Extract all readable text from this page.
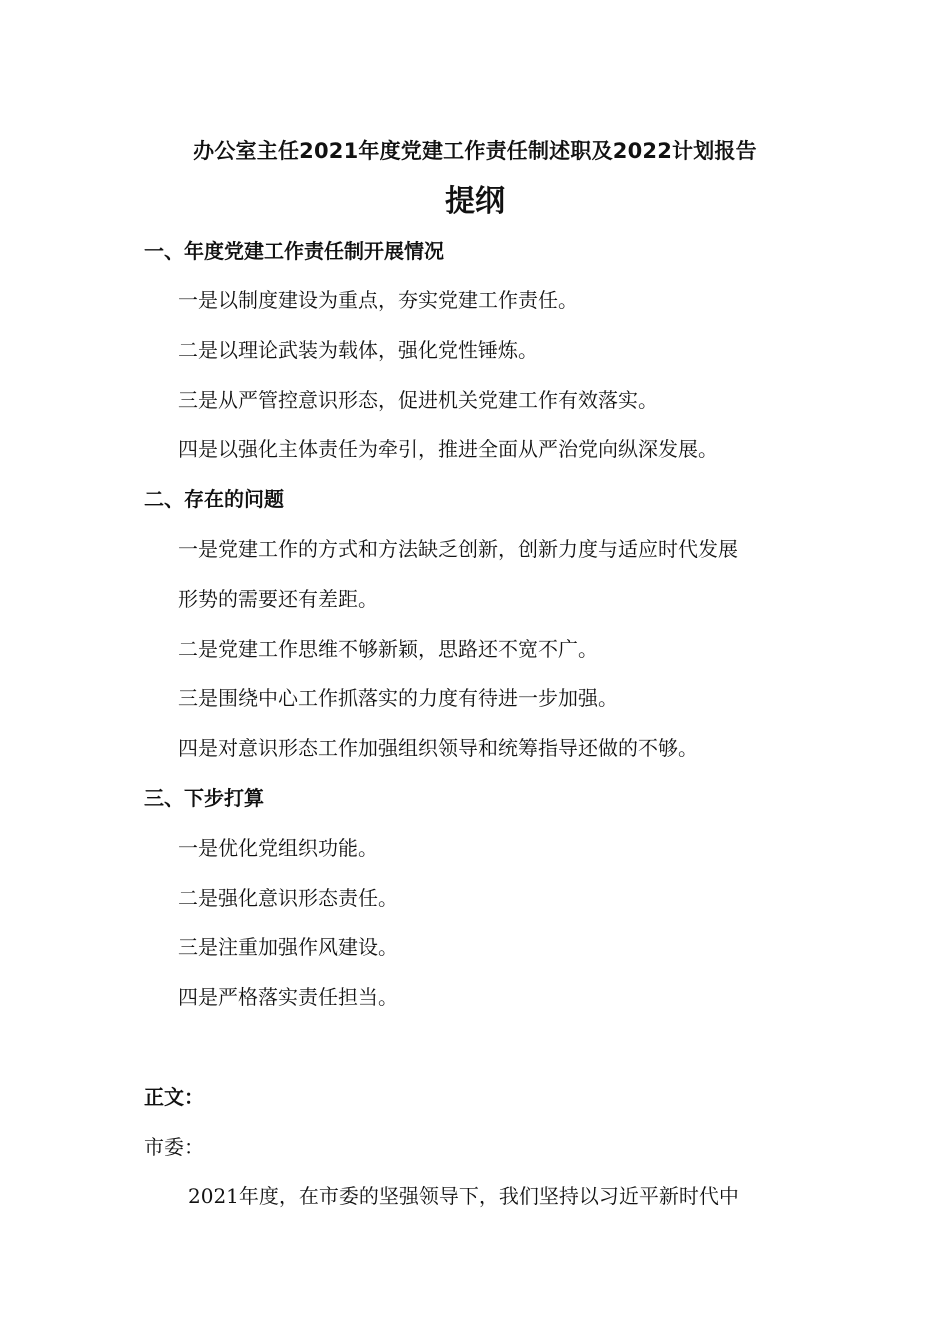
办公室主任2021年度党建工作责任制述职及2022计划报告
提纲
一、年度党建工作责任制开展情况
一是以制度建设为重点，夯实党建工作责任。
二是以理论武装为载体，强化党性锤炼。
三是从严管控意识形态，促进机关党建工作有效落实。
四是以强化主体责任为牵引，推进全面从严治党向纵深发展。
二、存在的问题
一是党建工作的方式和方法缺乏创新，创新力度与适应时代发展
形势的需要还有差距。
二是党建工作思维不够新颖，思路还不宽不广。
三是围绕中心工作抓落实的力度有待进一步加强。
四是对意识形态工作加强组织领导和统筹指导还做的不够。
三、下步打算
一是优化党组织功能。
二是强化意识形态责任。
三是注重加强作风建设。
四是严格落实责任担当。
正文：
市委：
2021年度，在市委的坚强领导下，我们坚持以习近平新时代中
